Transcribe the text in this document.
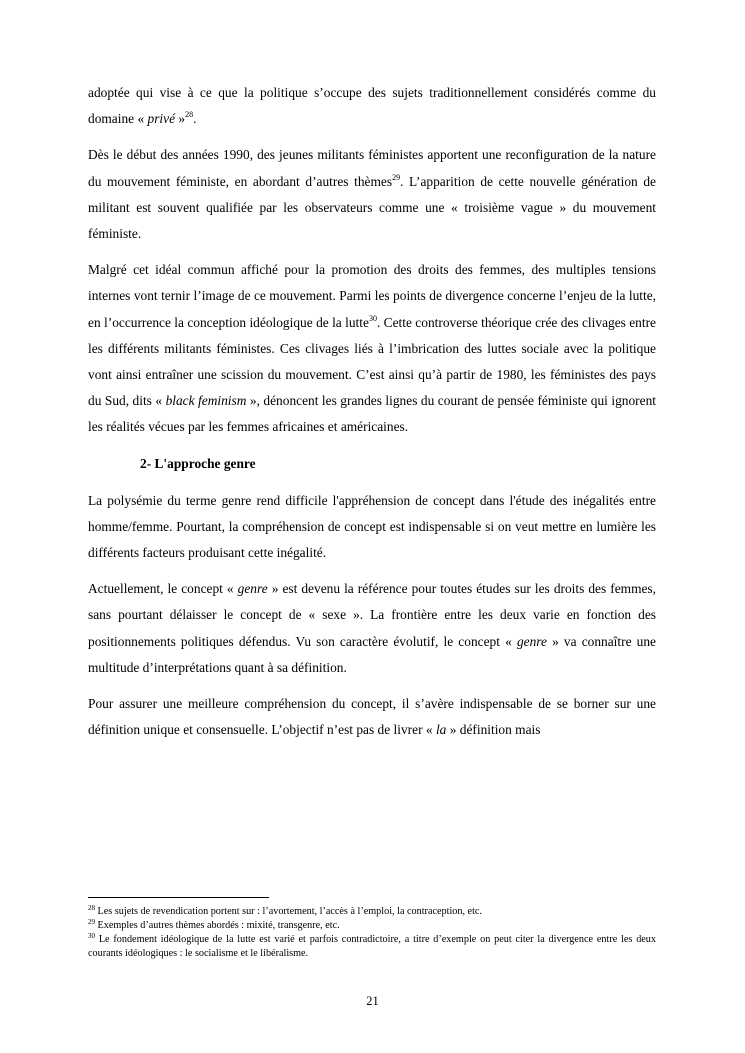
adoptée qui vise à ce que la politique s’occupe des sujets traditionnellement considérés comme du domaine « privé »$^{28}$.

Dès le début des années 1990, des jeunes militants féministes apportent une reconfiguration de la nature du mouvement féministe, en abordant d’autres thèmes$^{29}$. L’apparition de cette nouvelle génération de militant est souvent qualifiée par les observateurs comme une « troisième vague » du mouvement féministe.

Malgré cet idéal commun affiché pour la promotion des droits des femmes, des multiples tensions internes vont ternir l’image de ce mouvement. Parmi les points de divergence concerne l’enjeu de la lutte, en l’occurrence la conception idéologique de la lutte$^{30}$. Cette controverse théorique crée des clivages entre les différents militants féministes. Ces clivages liés à l’imbrication des luttes sociale avec la politique vont ainsi entraîner une scission du mouvement. C’est ainsi qu’à partir de 1980, les féministes des pays du Sud, dits « black feminism », dénoncent les grandes lignes du courant de pensée féministe qui ignorent les réalités vécues par les femmes africaines et américaines.

2- L'approche genre

La polysémie du terme genre rend difficile l'appréhension de concept dans l'étude des inégalités entre homme/femme. Pourtant, la compréhension de concept est indispensable si on veut mettre en lumière les différents facteurs produisant cette inégalité.

Actuellement, le concept « genre » est devenu la référence pour toutes études sur les droits des femmes, sans pourtant délaisser le concept de « sexe ». La frontière entre les deux varie en fonction des positionnements politiques défendus. Vu son caractère évolutif, le concept « genre » va connaître une multitude d’interprétations quant à sa définition.

Pour assurer une meilleure compréhension du concept, il s’avère indispensable de se borner sur une définition unique et consensuelle. L’objectif n’est pas de livrer « la » définition mais

$^{28}$ Les sujets de revendication portent sur : l’avortement, l’accès à l’emploi, la contraception, etc.

$^{29}$ Exemples d’autres thèmes abordés : mixité, transgenre, etc.

$^{30}$ Le fondement idéologique de la lutte est varié et parfois contradictoire, a titre d’exemple on peut citer la divergence entre les deux courants idéologiques : le socialisme et le libéralisme.

21
